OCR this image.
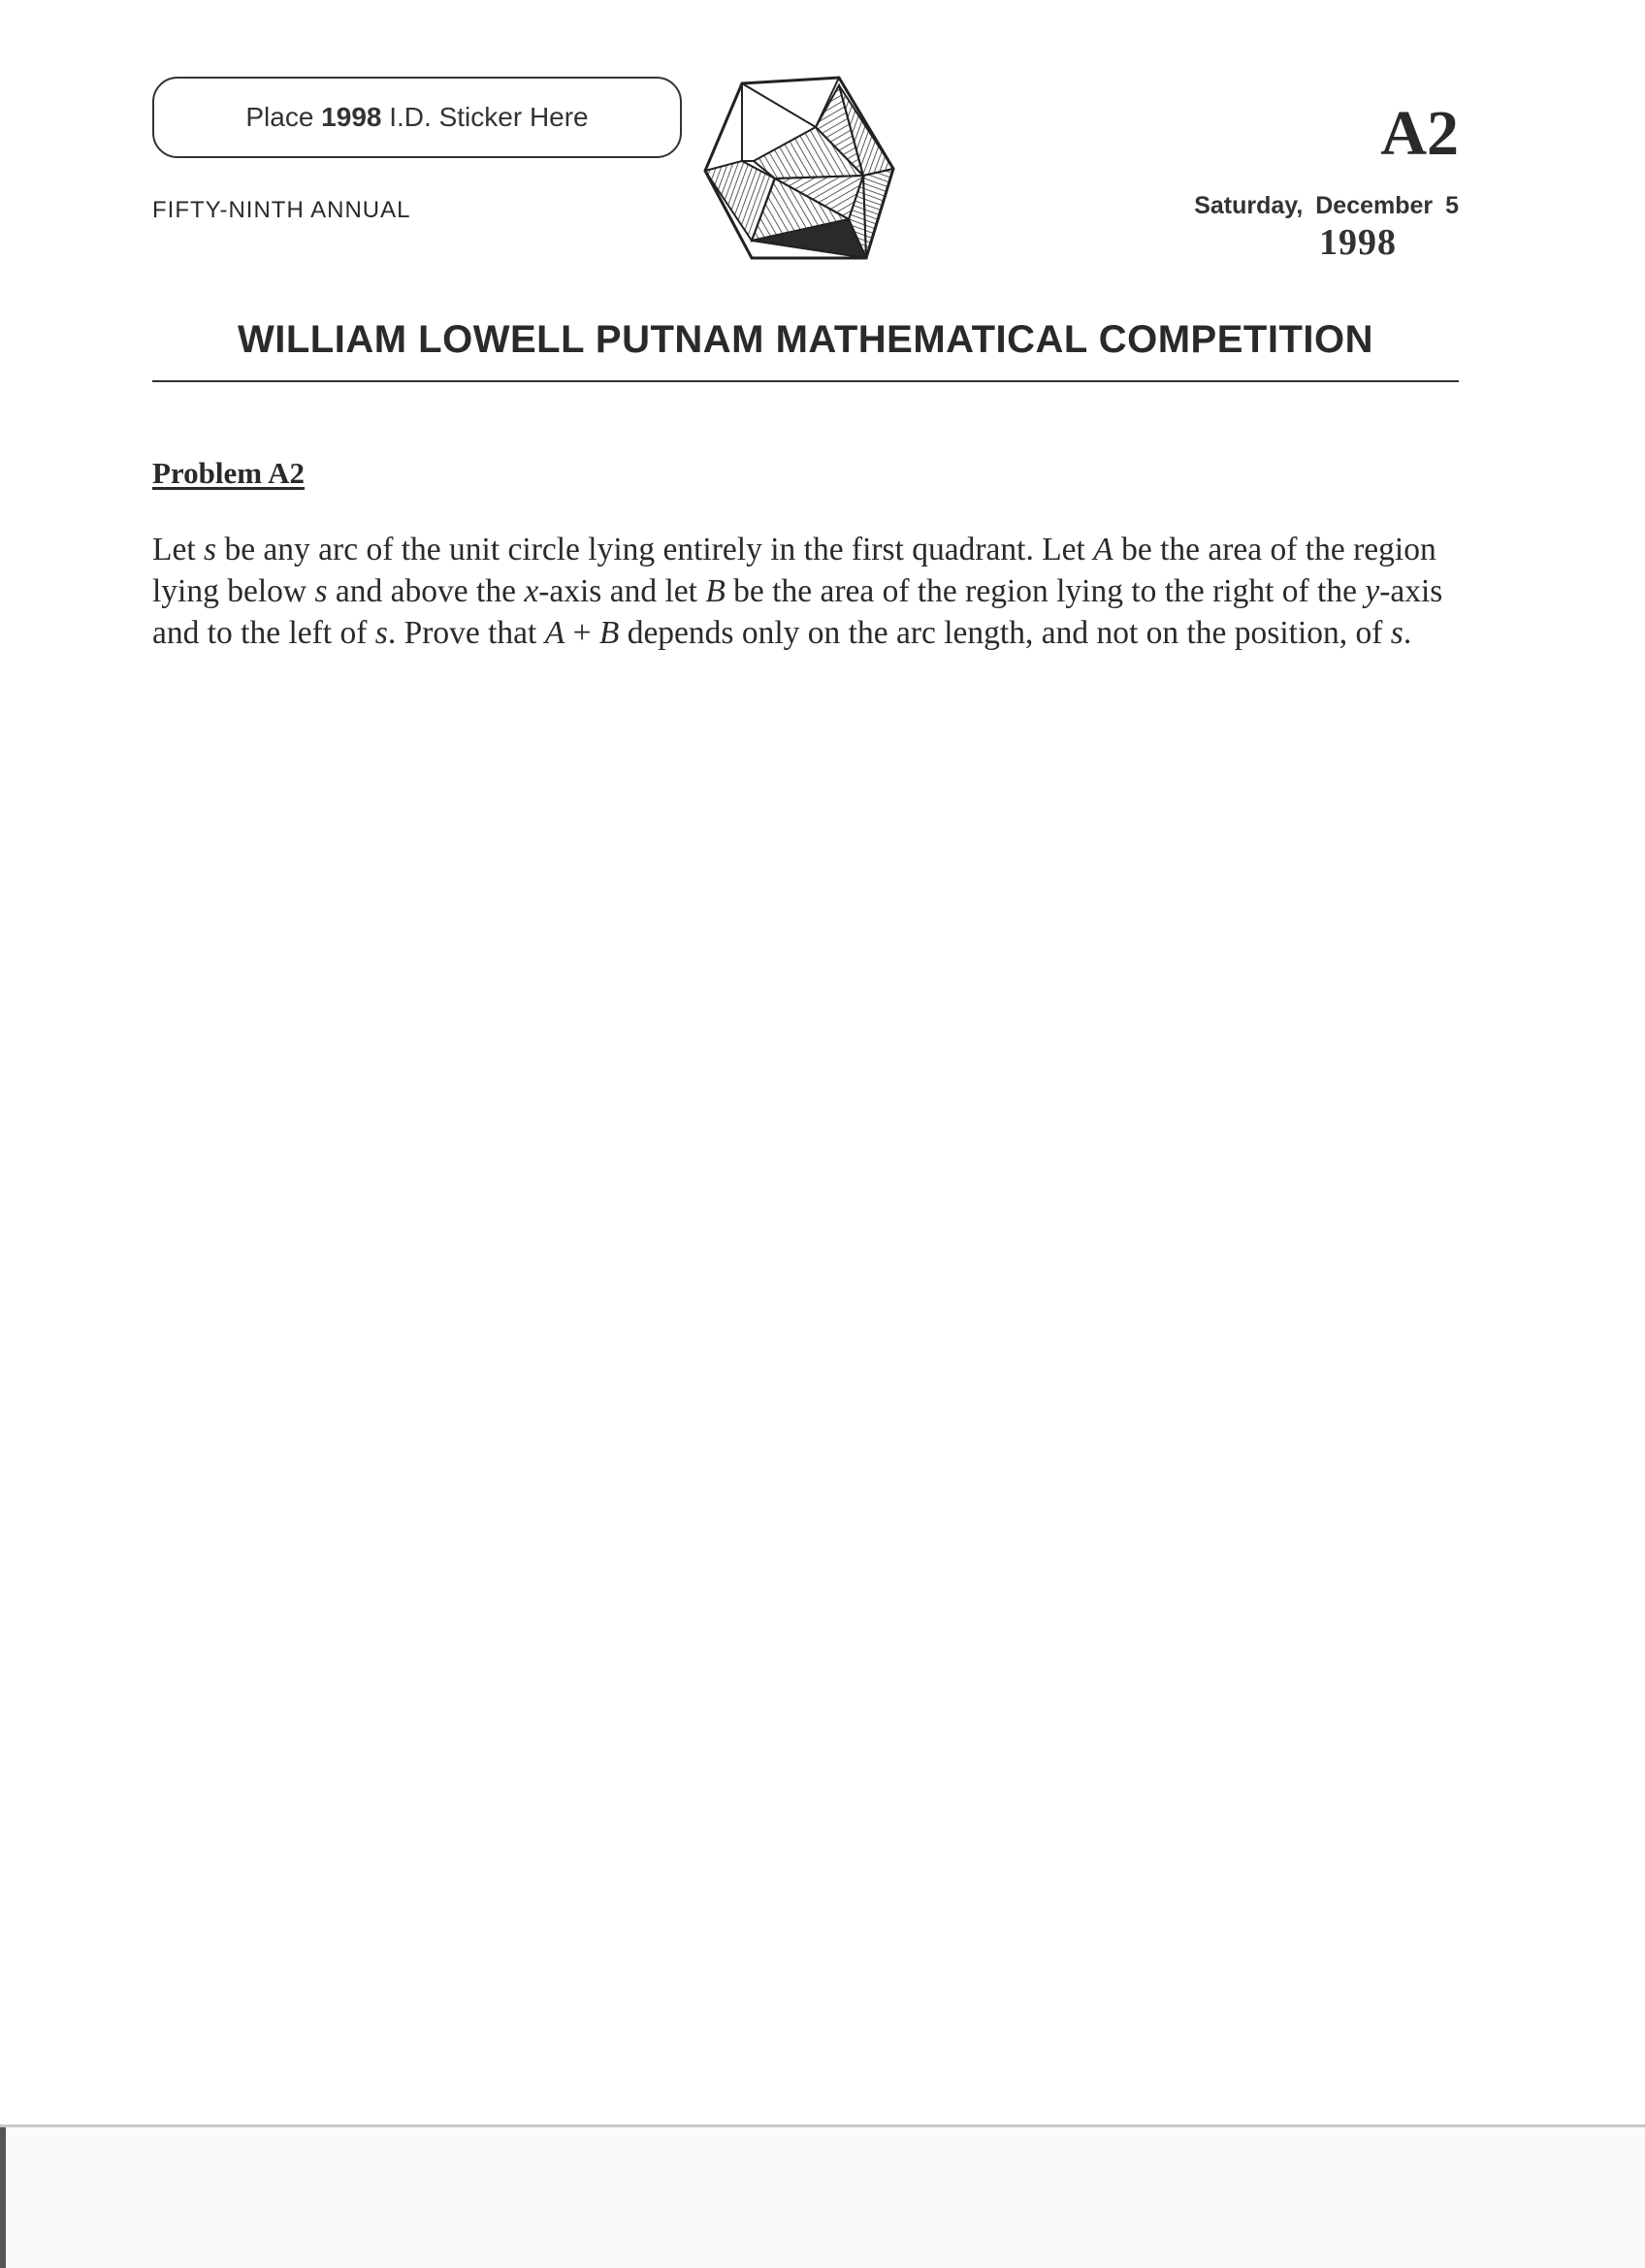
Place
1998
I.D. Sticker Here
FIFTY-NINTH ANNUAL
A2
Saturday, December 5
1998
WILLIAM LOWELL PUTNAM MATHEMATICAL COMPETITION
Problem A2
Let s be any arc of the unit circle lying entirely in the first quadrant. Let A be the area of the region lying below s and above the x-axis and let B be the area of the region lying to the right of the y-axis and to the left of s. Prove that A + B depends only on the arc length, and not on the position, of s.
